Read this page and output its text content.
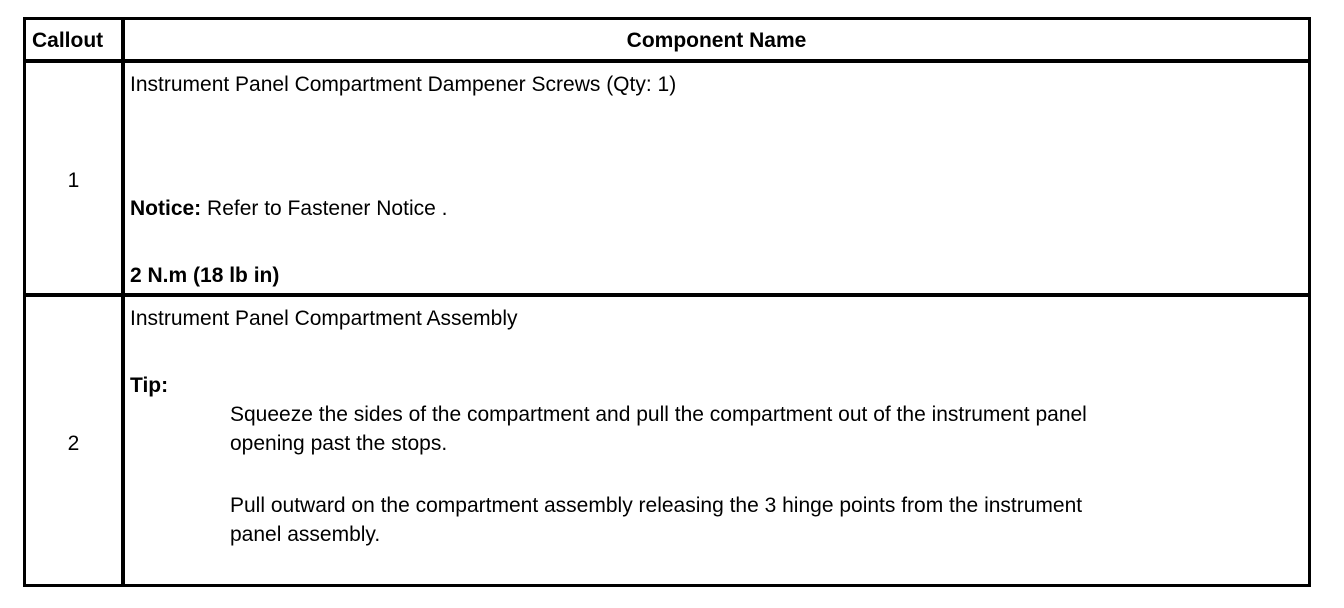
Callout	Component Name
1
Instrument Panel Compartment Dampener Screws (Qty: 1)
Notice: Refer to Fastener Notice .
2 N.m (18 lb in)
2
Instrument Panel Compartment Assembly
Tip:
Squeeze the sides of the compartment and pull the compartment out of the instrument panel
opening past the stops.
Pull outward on the compartment assembly releasing the 3 hinge points from the instrument
panel assembly.
